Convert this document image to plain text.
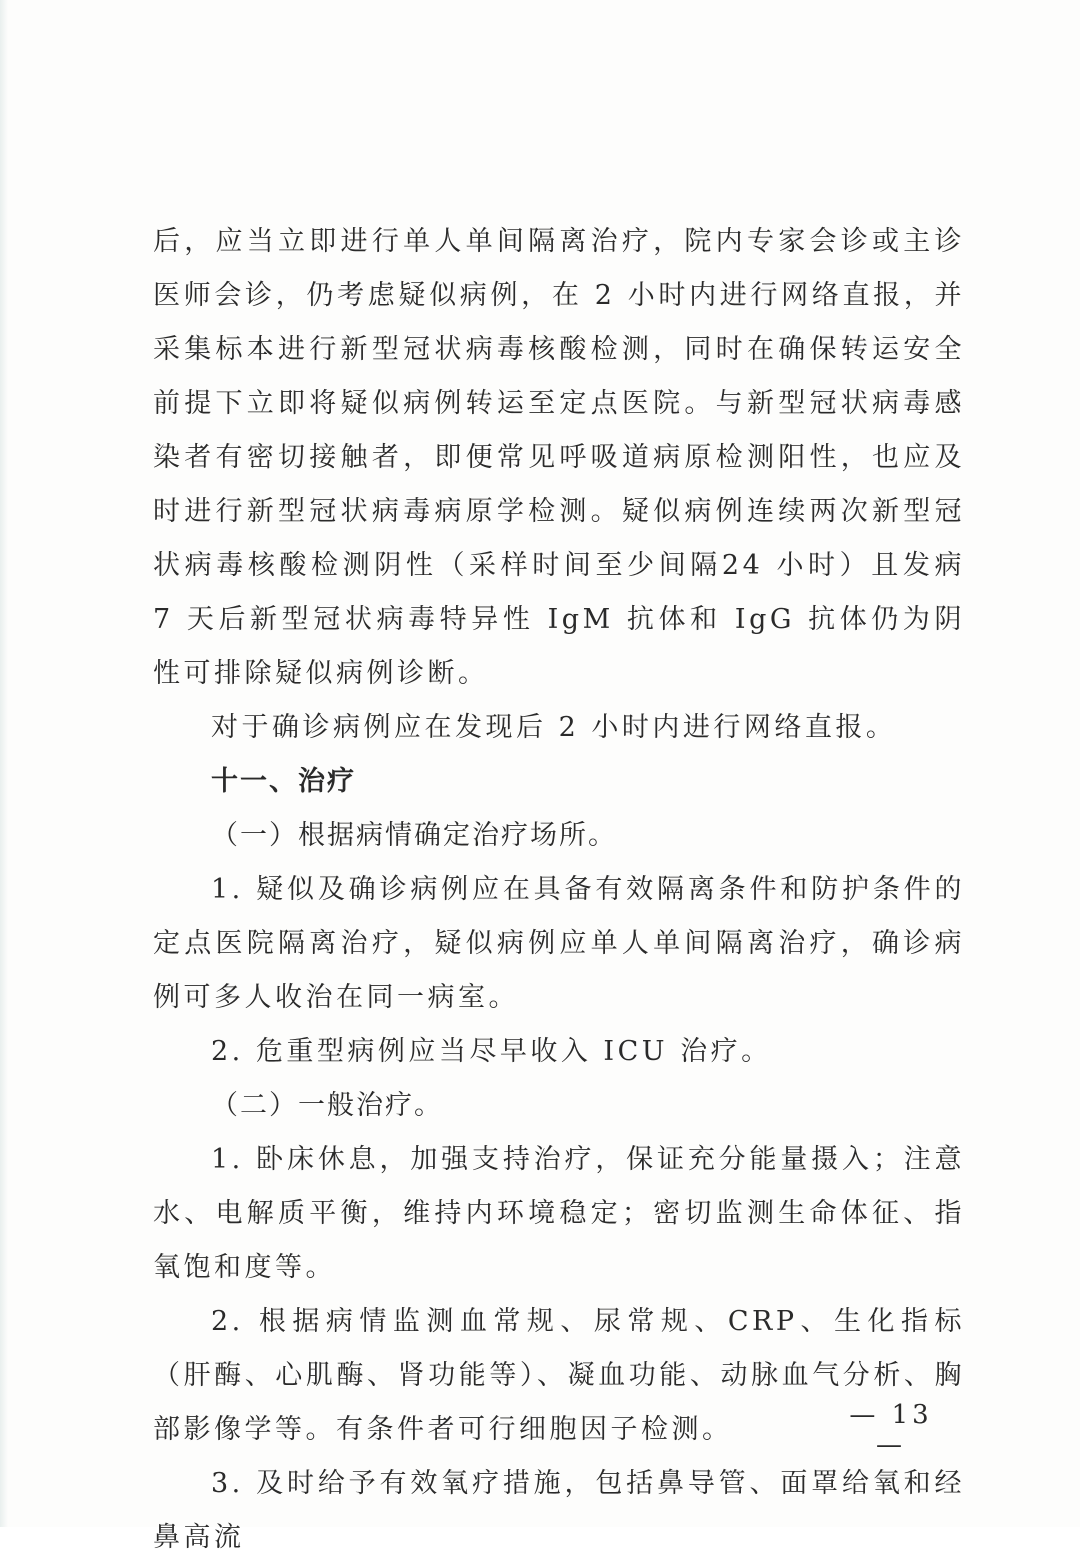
后，应当立即进行单人单间隔离治疗，院内专家会诊或主诊医师会诊，仍考虑疑似病例，在 2 小时内进行网络直报，并采集标本进行新型冠状病毒核酸检测，同时在确保转运安全前提下立即将疑似病例转运至定点医院。与新型冠状病毒感染者有密切接触者，即便常见呼吸道病原检测阳性，也应及时进行新型冠状病毒病原学检测。疑似病例连续两次新型冠状病毒核酸检测阴性（采样时间至少间隔24 小时）且发病 7 天后新型冠状病毒特异性 IgM 抗体和 IgG 抗体仍为阴性可排除疑似病例诊断。

对于确诊病例应在发现后 2 小时内进行网络直报。

十一、治疗

（一）根据病情确定治疗场所。

1. 疑似及确诊病例应在具备有效隔离条件和防护条件的定点医院隔离治疗，疑似病例应单人单间隔离治疗，确诊病例可多人收治在同一病室。

2. 危重型病例应当尽早收入 ICU 治疗。

（二）一般治疗。

1. 卧床休息，加强支持治疗，保证充分能量摄入；注意水、电解质平衡，维持内环境稳定；密切监测生命体征、指氧饱和度等。

2. 根据病情监测血常规、尿常规、CRP、生化指标（肝酶、心肌酶、肾功能等）、凝血功能、动脉血气分析、胸部影像学等。有条件者可行细胞因子检测。

3. 及时给予有效氧疗措施，包括鼻导管、面罩给氧和经鼻高流

— 13 —
